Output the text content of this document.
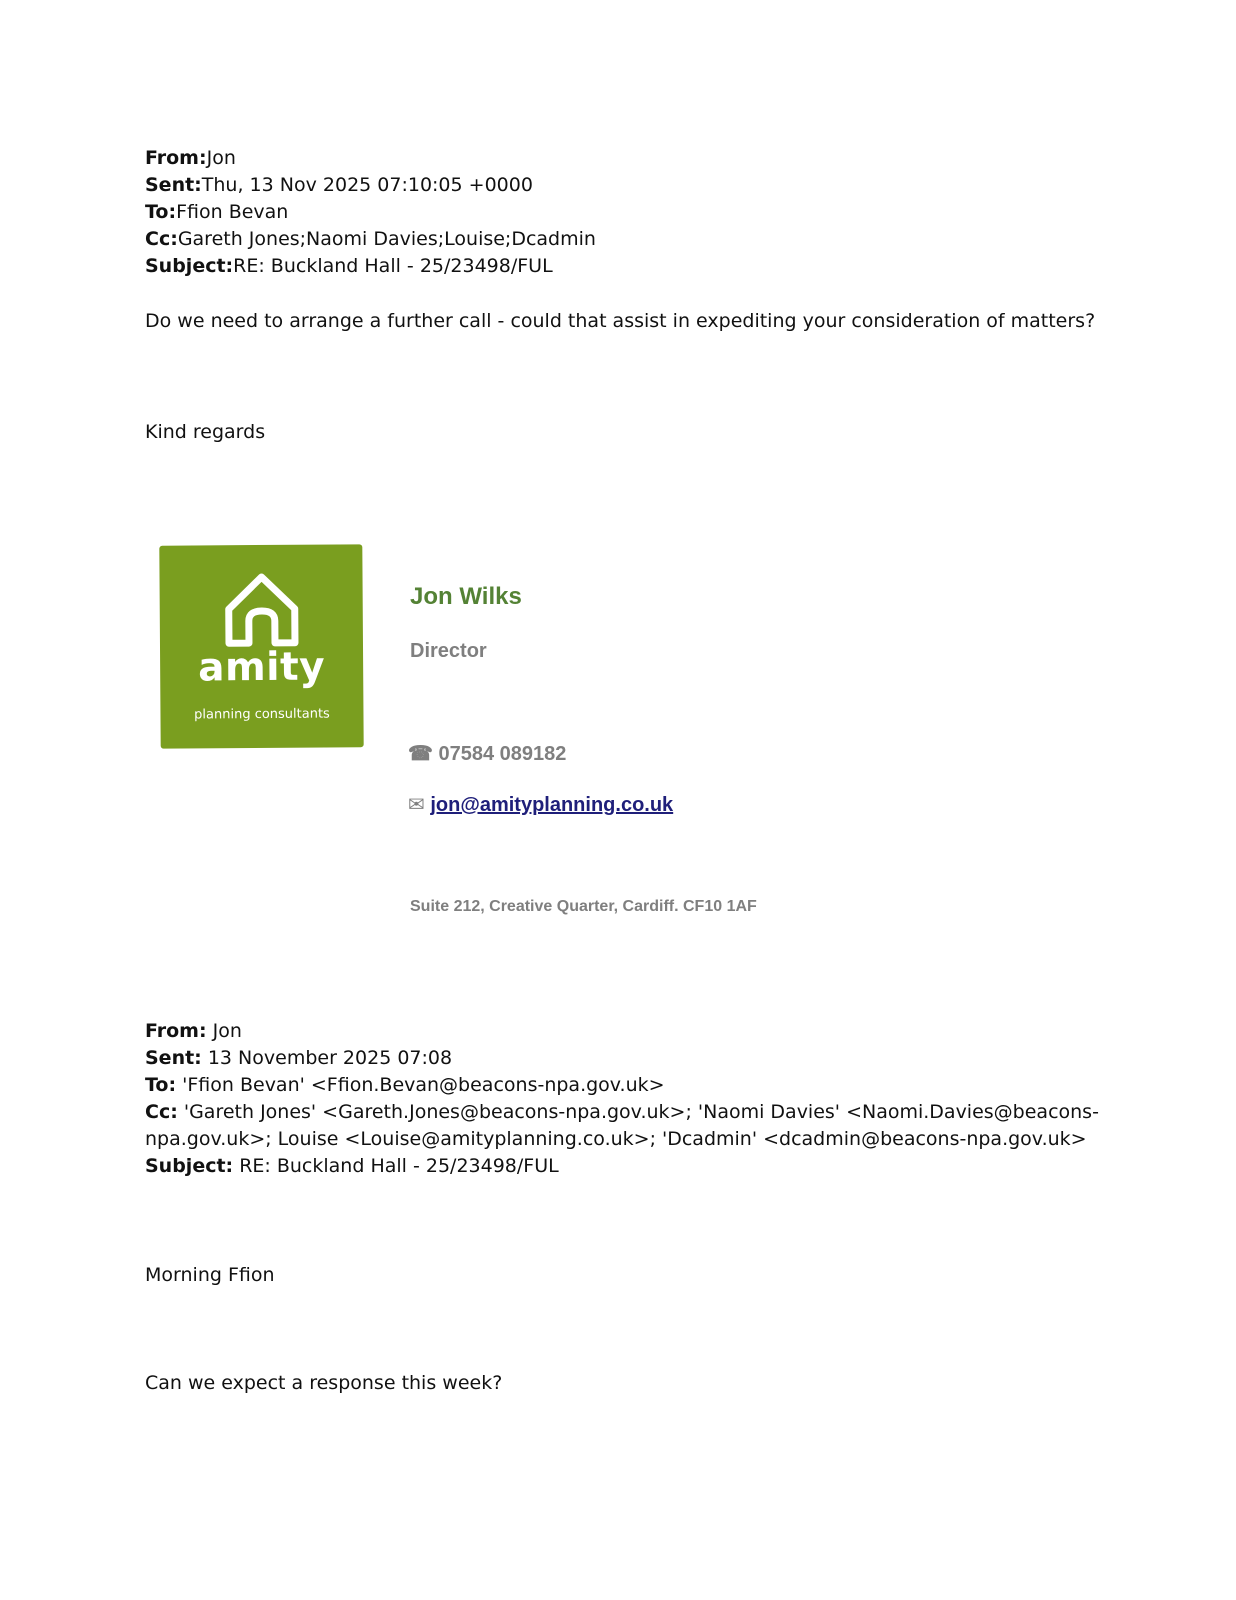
From:Jon
Sent:Thu, 13 Nov 2025 07:10:05 +0000
To:Ffion Bevan
Cc:Gareth Jones;Naomi Davies;Louise;Dcadmin
Subject:RE: Buckland Hall - 25/23498/FUL
Do we need to arrange a further call - could that assist in expediting your consideration of matters?
Kind regards
amity
planning consultants
Jon Wilks
Director
☎ 07584 089182
✉ jon@amityplanning.co.uk
Suite 212, Creative Quarter, Cardiff. CF10 1AF
From: Jon
Sent: 13 November 2025 07:08
To: 'Ffion Bevan' <Ffion.Bevan@beacons-npa.gov.uk>
Cc: 'Gareth Jones' <Gareth.Jones@beacons-npa.gov.uk>; 'Naomi Davies' <Naomi.Davies@beacons-
npa.gov.uk>; Louise <Louise@amityplanning.co.uk>; 'Dcadmin' <dcadmin@beacons-npa.gov.uk>
Subject: RE: Buckland Hall - 25/23498/FUL
Morning Ffion
Can we expect a response this week?
